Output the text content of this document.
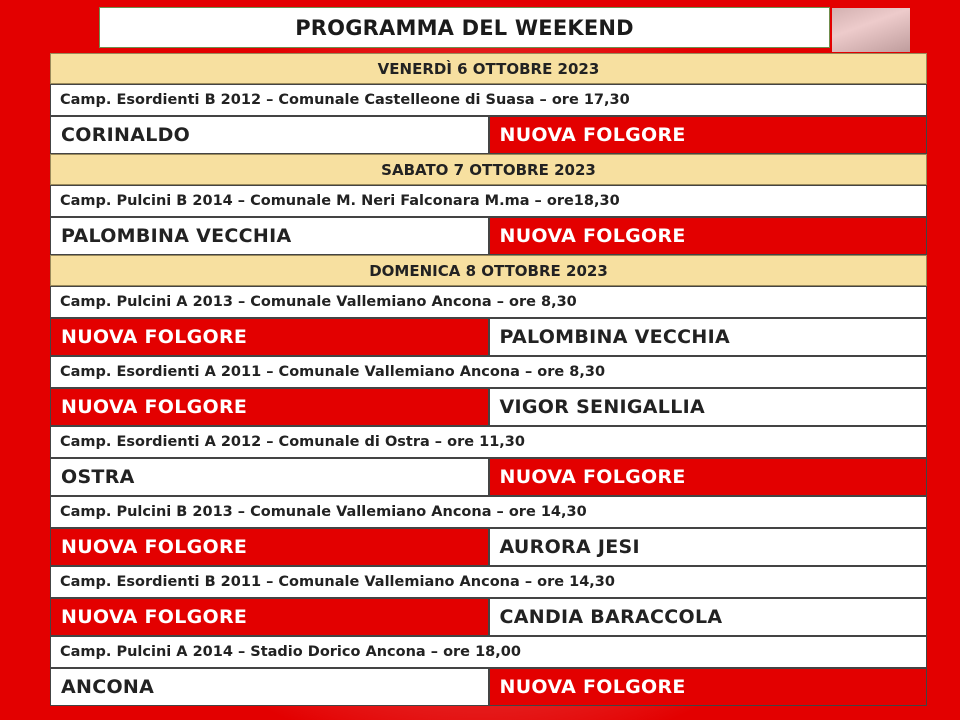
PROGRAMMA DEL WEEKEND
VENERDÌ 6 OTTOBRE 2023
Camp. Esordienti B 2012 – Comunale Castelleone di Suasa – ore 17,30
CORINALDO	NUOVA FOLGORE
SABATO 7 OTTOBRE 2023
Camp. Pulcini B 2014 – Comunale M. Neri Falconara M.ma – ore18,30
PALOMBINA VECCHIA	NUOVA FOLGORE
DOMENICA 8 OTTOBRE 2023
Camp. Pulcini A 2013 – Comunale Vallemiano Ancona – ore 8,30
NUOVA FOLGORE	PALOMBINA VECCHIA
Camp. Esordienti A 2011 – Comunale Vallemiano Ancona – ore 8,30
NUOVA FOLGORE	VIGOR SENIGALLIA
Camp. Esordienti A 2012 – Comunale di Ostra – ore 11,30
OSTRA	NUOVA FOLGORE
Camp. Pulcini B 2013 – Comunale Vallemiano Ancona – ore 14,30
NUOVA FOLGORE	AURORA JESI
Camp. Esordienti B 2011 – Comunale Vallemiano Ancona – ore 14,30
NUOVA FOLGORE	CANDIA BARACCOLA
Camp. Pulcini A 2014 – Stadio Dorico Ancona – ore 18,00
ANCONA	NUOVA FOLGORE
